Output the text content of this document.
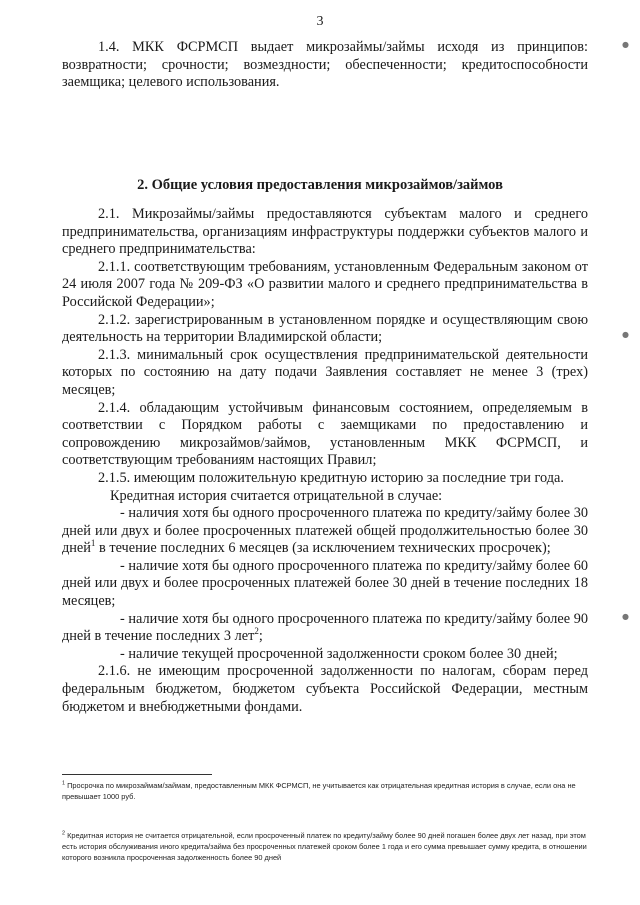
3

1.4. МКК ФСРМСП выдает микрозаймы/займы исходя из принципов: возвратности; срочности; возмездности; обеспеченности; кредитоспособности заемщика; целевого использования.

2. Общие условия предоставления микрозаймов/займов

2.1. Микрозаймы/займы предоставляются субъектам малого и среднего предпринимательства, организациям инфраструктуры поддержки субъектов малого и среднего предпринимательства:

2.1.1. соответствующим требованиям, установленным Федеральным законом от 24 июля 2007 года № 209-ФЗ «О развитии малого и среднего предпринимательства в Российской Федерации»;

2.1.2. зарегистрированным в установленном порядке и осуществляющим свою деятельность на территории Владимирской области;

2.1.3. минимальный срок осуществления предпринимательской деятельности которых по состоянию на дату подачи Заявления составляет не менее 3 (трех) месяцев;

2.1.4. обладающим устойчивым финансовым состоянием, определяемым в соответствии с Порядком работы с заемщиками по предоставлению и сопровождению микрозаймов/займов, установленным МКК ФСРМСП, и соответствующим требованиям настоящих Правил;

2.1.5. имеющим положительную кредитную историю за последние три года.

Кредитная история считается отрицательной в случае:

- наличия хотя бы одного просроченного платежа по кредиту/займу более 30 дней или двух и более просроченных платежей общей продолжительностью более 30 дней$^1$ в течение последних 6 месяцев (за исключением технических просрочек);

- наличие хотя бы одного просроченного платежа по кредиту/займу более 60 дней или двух и более просроченных платежей более 30 дней в течение последних 18 месяцев;

- наличие хотя бы одного просроченного платежа по кредиту/займу более 90 дней в течение последних 3 лет$^2$;

- наличие текущей просроченной задолженности сроком более 30 дней;

2.1.6. не имеющим просроченной задолженности по налогам, сборам перед федеральным бюджетом, бюджетом субъекта Российской Федерации, местным бюджетом и внебюджетными фондами.

$^1$ Просрочка по микрозаймам/займам, предоставленным МКК ФСРМСП, не учитывается как отрицательная кредитная история в случае, если она не превышает 1000 руб.
$^2$ Кредитная история не считается отрицательной, если просроченный платеж по кредиту/займу более 90 дней погашен более двух лет назад, при этом есть история обслуживания иного кредита/займа без просроченных платежей сроком более 1 года и его сумма превышает сумму кредита, в отношении которого возникла просроченная задолженность более 90 дней
●
●
●
